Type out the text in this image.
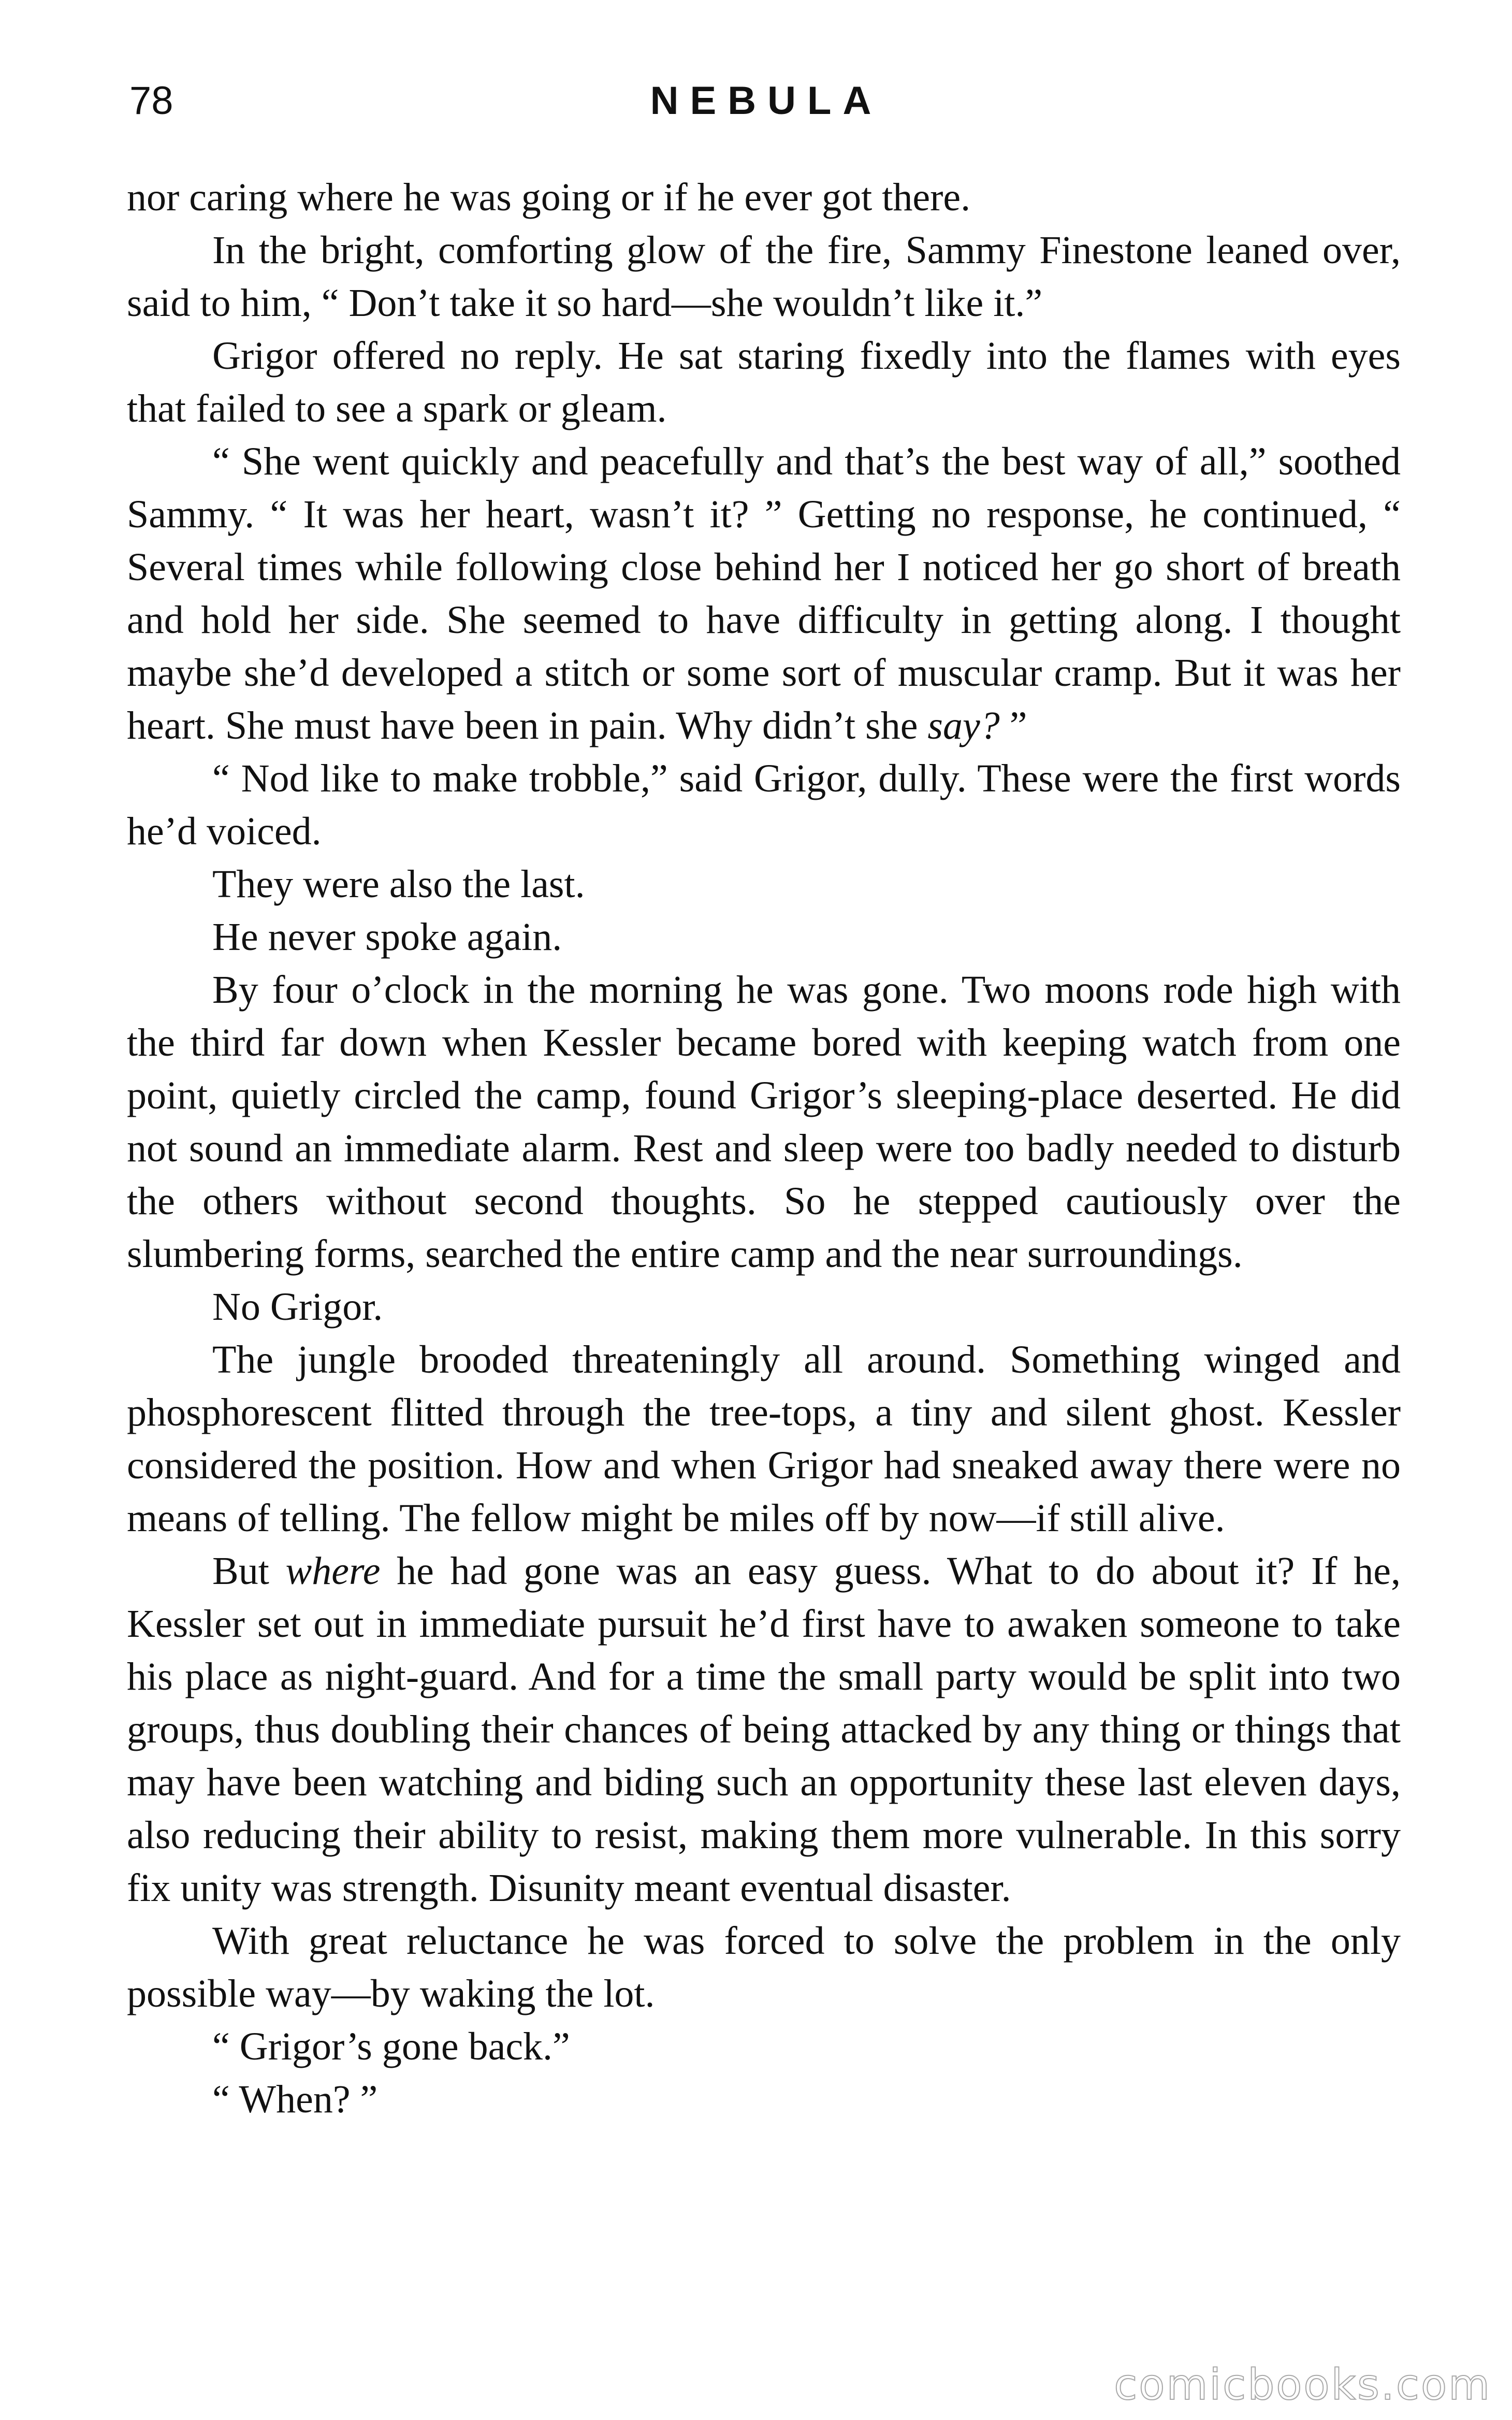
78	NEBULA

nor caring where he was going or if he ever got there.

In the bright, comforting glow of the fire, Sammy Finestone leaned over, said to him, “ Don’t take it so hard—she wouldn’t like it.”

Grigor offered no reply. He sat staring fixedly into the flames with eyes that failed to see a spark or gleam.

“ She went quickly and peacefully and that’s the best way of all,” soothed Sammy. “ It was her heart, wasn’t it? ” Getting no response, he continued, “ Several times while following close behind her I noticed her go short of breath and hold her side. She seemed to have difficulty in getting along. I thought maybe she’d developed a stitch or some sort of muscular cramp. But it was her heart. She must have been in pain. Why didn’t she say? ”

“ Nod like to make trobble,” said Grigor, dully. These were the first words he’d voiced.

They were also the last.

He never spoke again.

By four o’clock in the morning he was gone. Two moons rode high with the third far down when Kessler became bored with keeping watch from one point, quietly circled the camp, found Grigor’s sleeping-place deserted. He did not sound an immediate alarm. Rest and sleep were too badly needed to disturb the others without second thoughts. So he stepped cautiously over the slumbering forms, searched the entire camp and the near surroundings.

No Grigor.

The jungle brooded threateningly all around. Something winged and phosphorescent flitted through the tree-tops, a tiny and silent ghost. Kessler considered the position. How and when Grigor had sneaked away there were no means of telling. The fellow might be miles off by now—if still alive.

But where he had gone was an easy guess. What to do about it? If he, Kessler set out in immediate pursuit he’d first have to awaken someone to take his place as night-guard. And for a time the small party would be split into two groups, thus doubling their chances of being attacked by any thing or things that may have been watching and biding such an opportunity these last eleven days, also reducing their ability to resist, making them more vulnerable. In this sorry fix unity was strength. Disunity meant eventual disaster.

With great reluctance he was forced to solve the problem in the only possible way—by waking the lot.

“ Grigor’s gone back.”

“ When? ”

comicbooks.com
